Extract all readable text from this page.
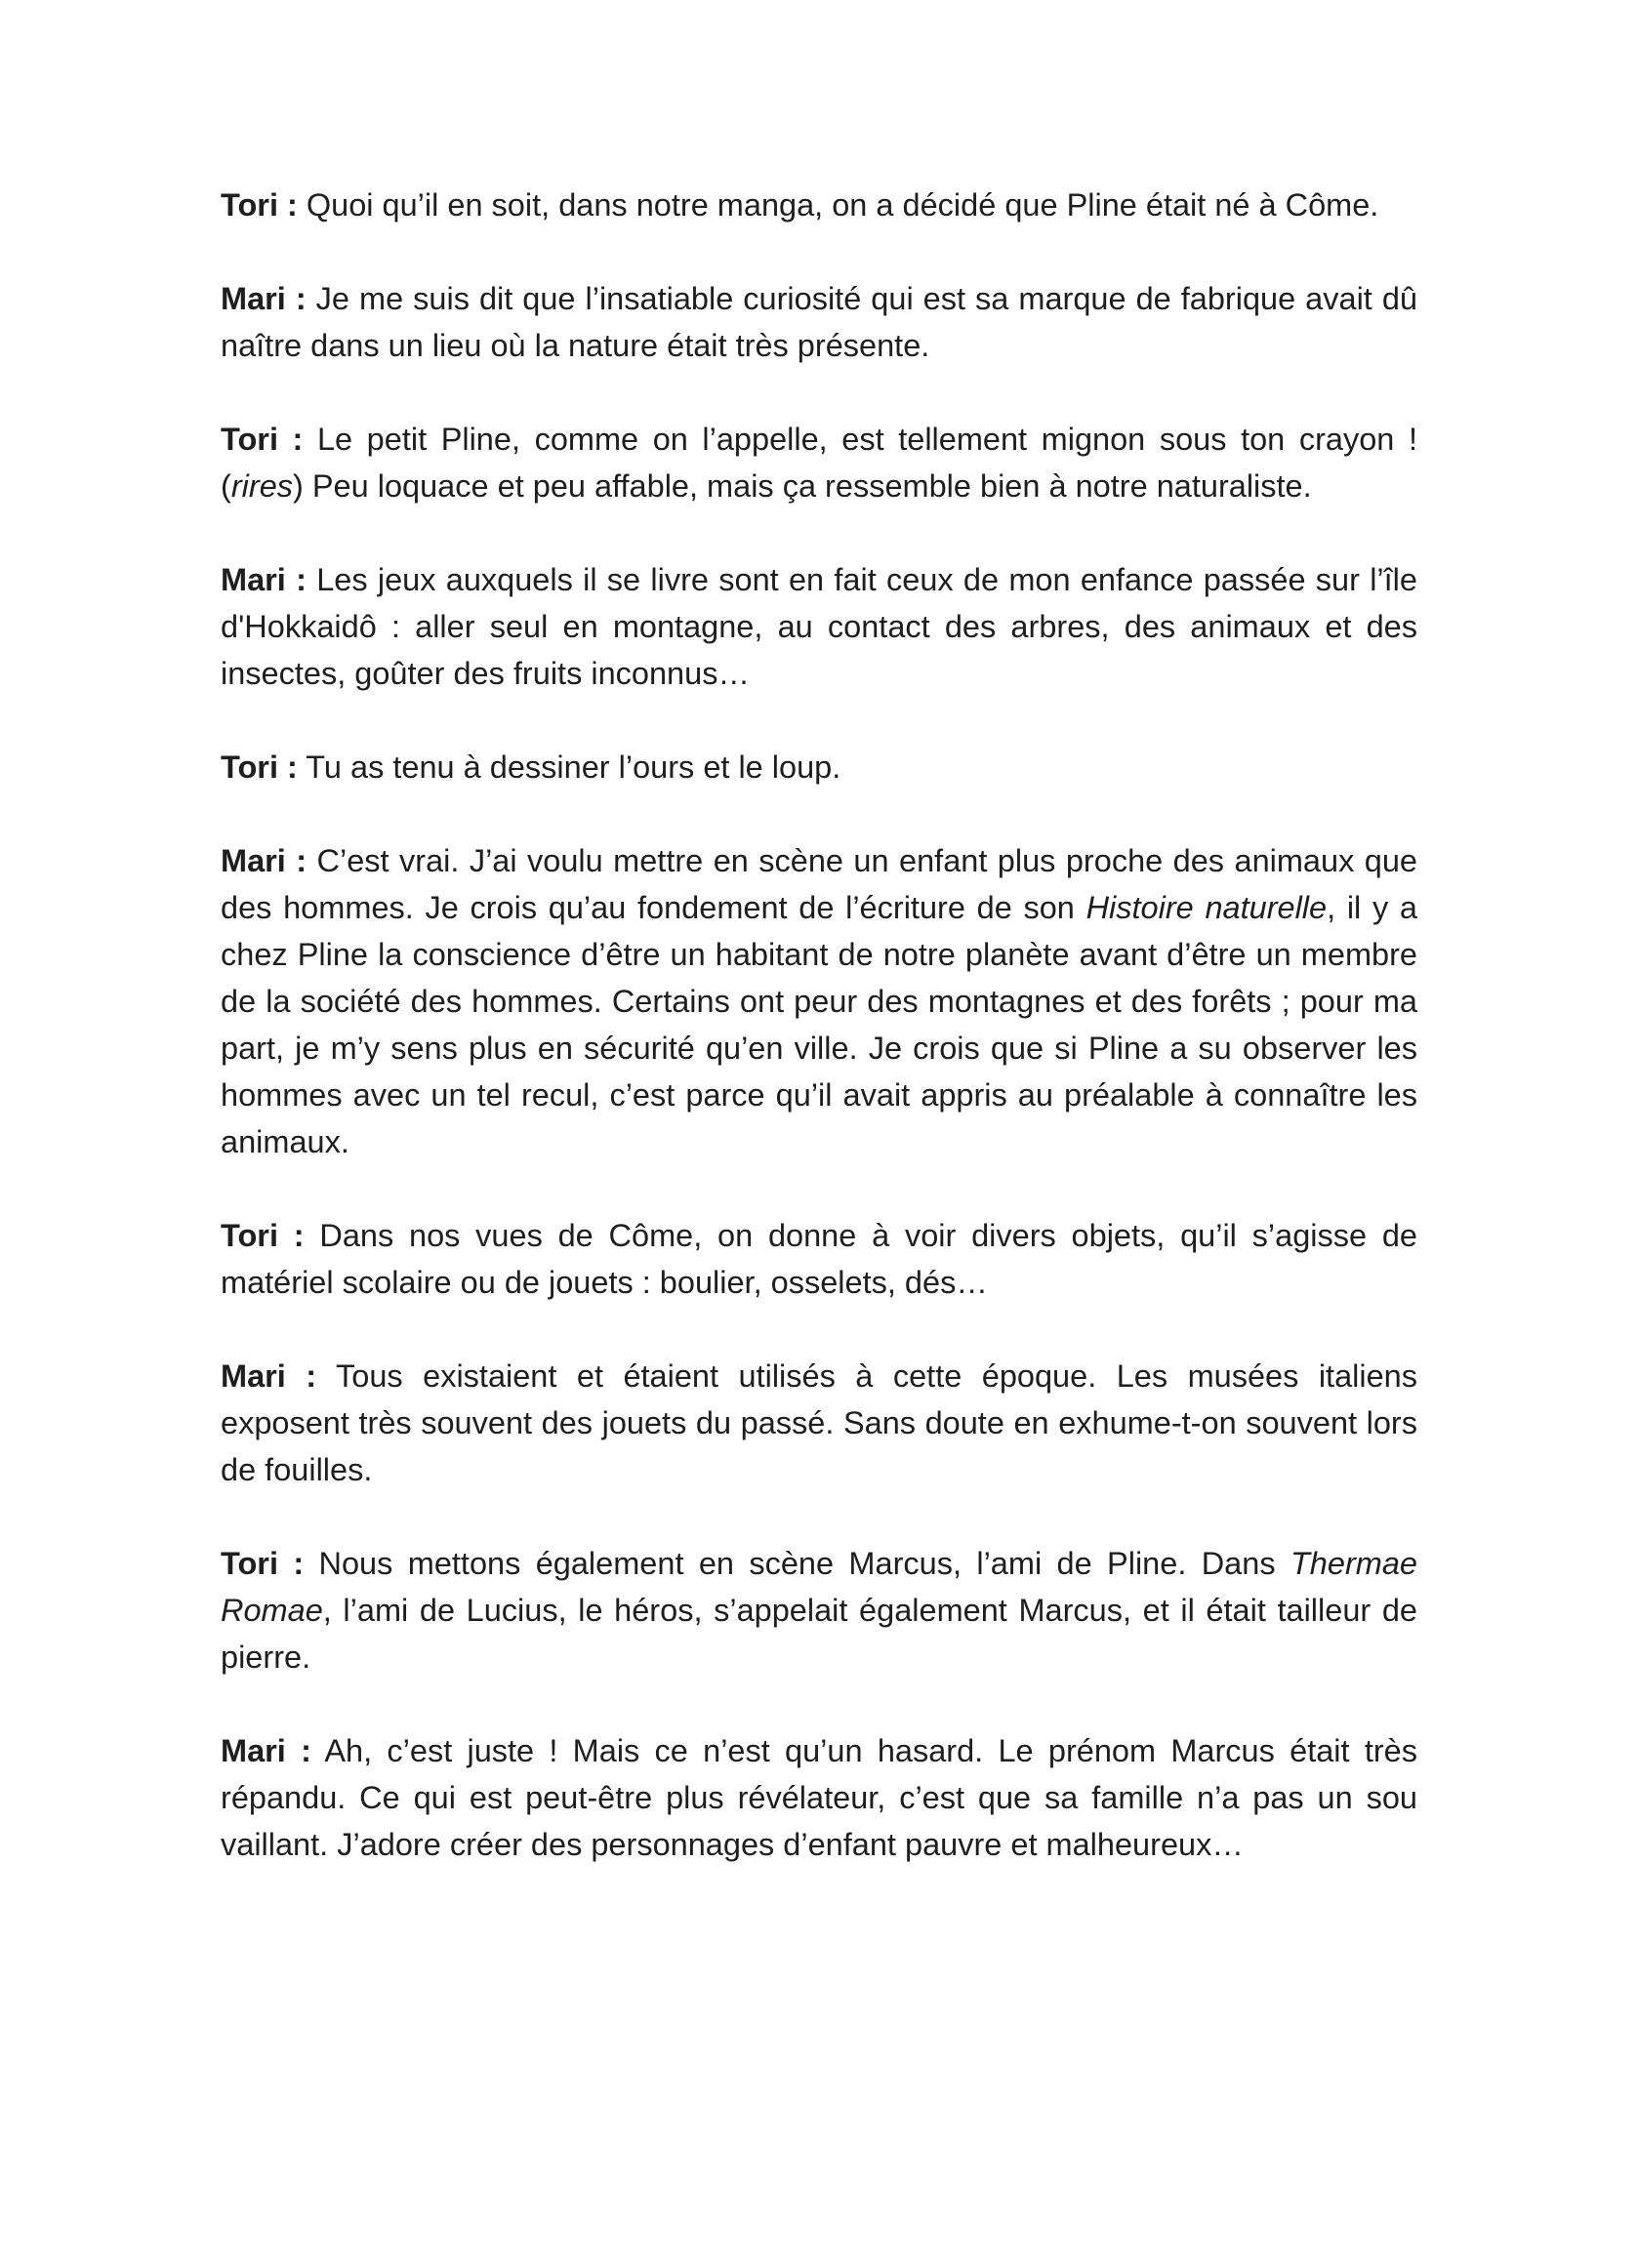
Tori : Quoi qu’il en soit, dans notre manga, on a décidé que Pline était né à Côme.

Mari : Je me suis dit que l’insatiable curiosité qui est sa marque de fabrique avait dû naître dans un lieu où la nature était très présente.

Tori : Le petit Pline, comme on l’appelle, est tellement mignon sous ton crayon ! (rires) Peu loquace et peu affable, mais ça ressemble bien à notre naturaliste.

Mari : Les jeux auxquels il se livre sont en fait ceux de mon enfance passée sur l’île d'Hokkaidô : aller seul en montagne, au contact des arbres, des animaux et des insectes, goûter des fruits inconnus…

Tori : Tu as tenu à dessiner l’ours et le loup.

Mari : C’est vrai. J’ai voulu mettre en scène un enfant plus proche des animaux que des hommes. Je crois qu’au fondement de l’écriture de son Histoire naturelle, il y a chez Pline la conscience d’être un habitant de notre planète avant d’être un membre de la société des hommes. Certains ont peur des montagnes et des forêts ; pour ma part, je m’y sens plus en sécurité qu’en ville. Je crois que si Pline a su observer les hommes avec un tel recul, c’est parce qu’il avait appris au préalable à connaître les animaux.

Tori : Dans nos vues de Côme, on donne à voir divers objets, qu’il s’agisse de matériel scolaire ou de jouets : boulier, osselets, dés…

Mari : Tous existaient et étaient utilisés à cette époque. Les musées italiens exposent très souvent des jouets du passé. Sans doute en exhume-t-on souvent lors de fouilles.

Tori : Nous mettons également en scène Marcus, l’ami de Pline. Dans Thermae Romae, l’ami de Lucius, le héros, s’appelait également Marcus, et il était tailleur de pierre.

Mari : Ah, c’est juste ! Mais ce n’est qu’un hasard. Le prénom Marcus était très répandu. Ce qui est peut-être plus révélateur, c’est que sa famille n’a pas un sou vaillant. J’adore créer des personnages d’enfant pauvre et malheureux…
